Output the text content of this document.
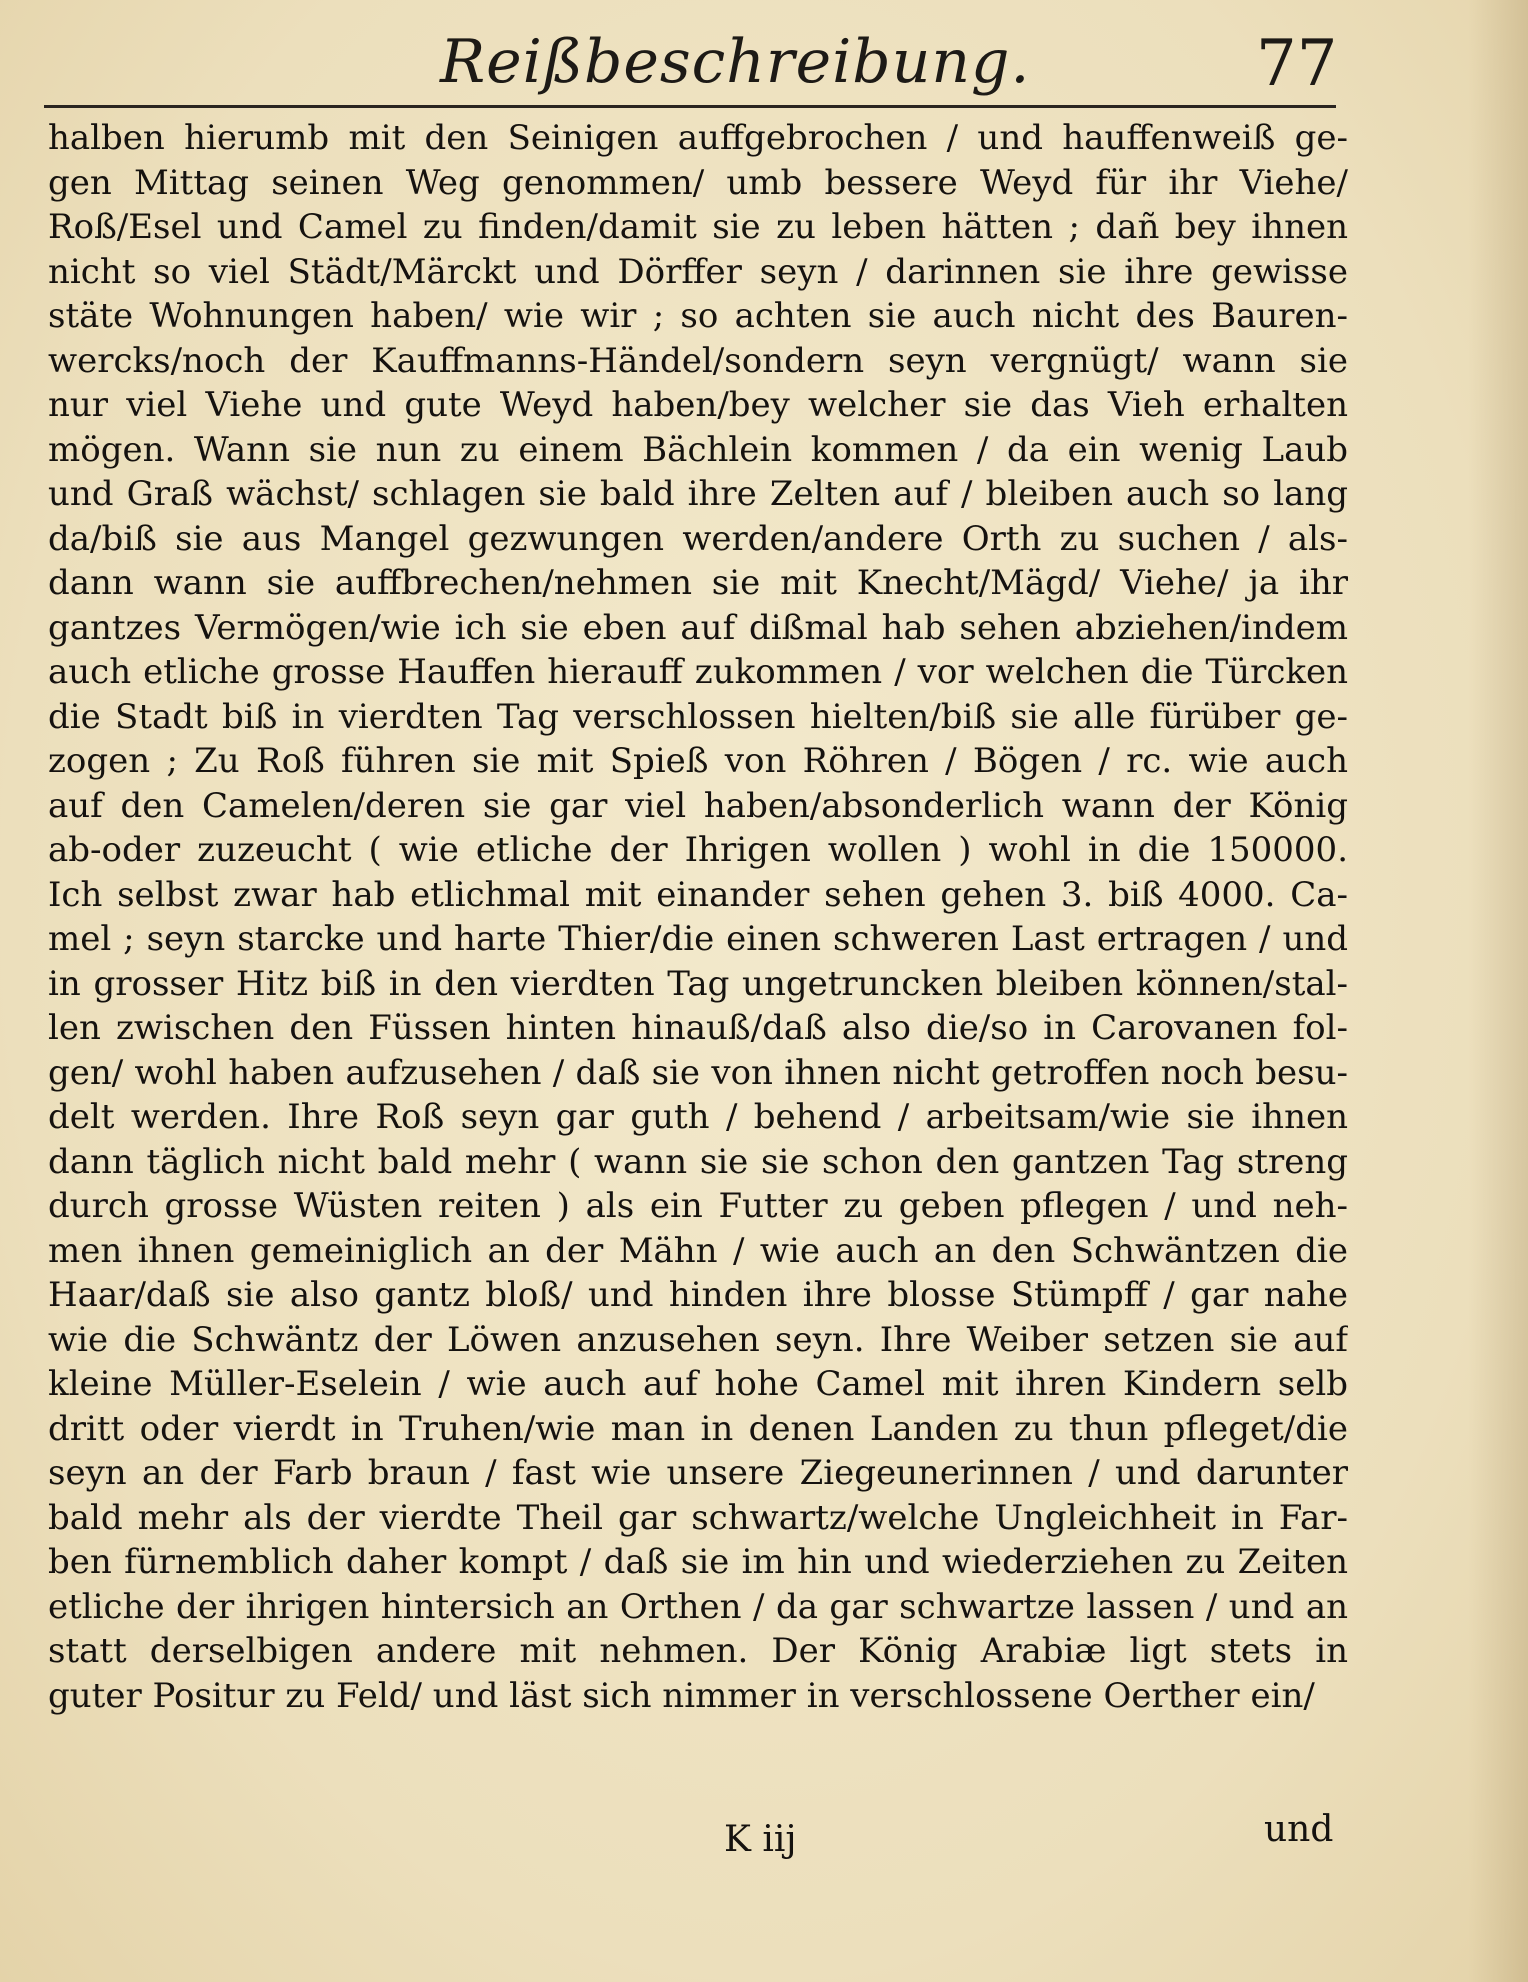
Reißbeschreibung.	77
halben hierumb mit den Seinigen auffgebrochen / und hauffenweiß ge-
gen Mittag seinen Weg genommen/ umb bessere Weyd für ihr Viehe/
Roß/Esel und Camel zu finden/damit sie zu leben hätten ; dañ bey ihnen
nicht so viel Städt/Märckt und Dörffer seyn / darinnen sie ihre gewisse
stäte Wohnungen haben/ wie wir ; so achten sie auch nicht des Bauren-
wercks/noch der Kauffmanns-Händel/sondern seyn vergnügt/ wann sie
nur viel Viehe und gute Weyd haben/bey welcher sie das Vieh erhalten
mögen. Wann sie nun zu einem Bächlein kommen / da ein wenig Laub
und Graß wächst/ schlagen sie bald ihre Zelten auf / bleiben auch so lang
da/biß sie aus Mangel gezwungen werden/andere Orth zu suchen / als-
dann wann sie auffbrechen/nehmen sie mit Knecht/Mägd/ Viehe/ ja ihr
gantzes Vermögen/wie ich sie eben auf dißmal hab sehen abziehen/indem
auch etliche grosse Hauffen hierauff zukommen / vor welchen die Türcken
die Stadt biß in vierdten Tag verschlossen hielten/biß sie alle fürüber ge-
zogen ; Zu Roß führen sie mit Spieß von Röhren / Bögen / rc. wie auch
auf den Camelen/deren sie gar viel haben/absonderlich wann der König
ab-oder zuzeucht ( wie etliche der Ihrigen wollen ) wohl in die 150000.
Ich selbst zwar hab etlichmal mit einander sehen gehen 3. biß 4000. Ca-
mel ; seyn starcke und harte Thier/die einen schweren Last ertragen / und
in grosser Hitz biß in den vierdten Tag ungetruncken bleiben können/stal-
len zwischen den Füssen hinten hinauß/daß also die/so in Carovanen fol-
gen/ wohl haben aufzusehen / daß sie von ihnen nicht getroffen noch besu-
delt werden. Ihre Roß seyn gar guth / behend / arbeitsam/wie sie ihnen
dann täglich nicht bald mehr ( wann sie sie schon den gantzen Tag streng
durch grosse Wüsten reiten ) als ein Futter zu geben pflegen / und neh-
men ihnen gemeiniglich an der Mähn / wie auch an den Schwäntzen die
Haar/daß sie also gantz bloß/ und hinden ihre blosse Stümpff / gar nahe
wie die Schwäntz der Löwen anzusehen seyn. Ihre Weiber setzen sie auf
kleine Müller-Eselein / wie auch auf hohe Camel mit ihren Kindern selb
dritt oder vierdt in Truhen/wie man in denen Landen zu thun pfleget/die
seyn an der Farb braun / fast wie unsere Ziegeunerinnen / und darunter
bald mehr als der vierdte Theil gar schwartz/welche Ungleichheit in Far-
ben fürnemblich daher kompt / daß sie im hin und wiederziehen zu Zeiten
etliche der ihrigen hintersich an Orthen / da gar schwartze lassen / und an
statt derselbigen andere mit nehmen. Der König Arabiæ ligt stets in
guter Positur zu Feld/ und läst sich nimmer in verschlossene Oerther ein/
K iij	und
